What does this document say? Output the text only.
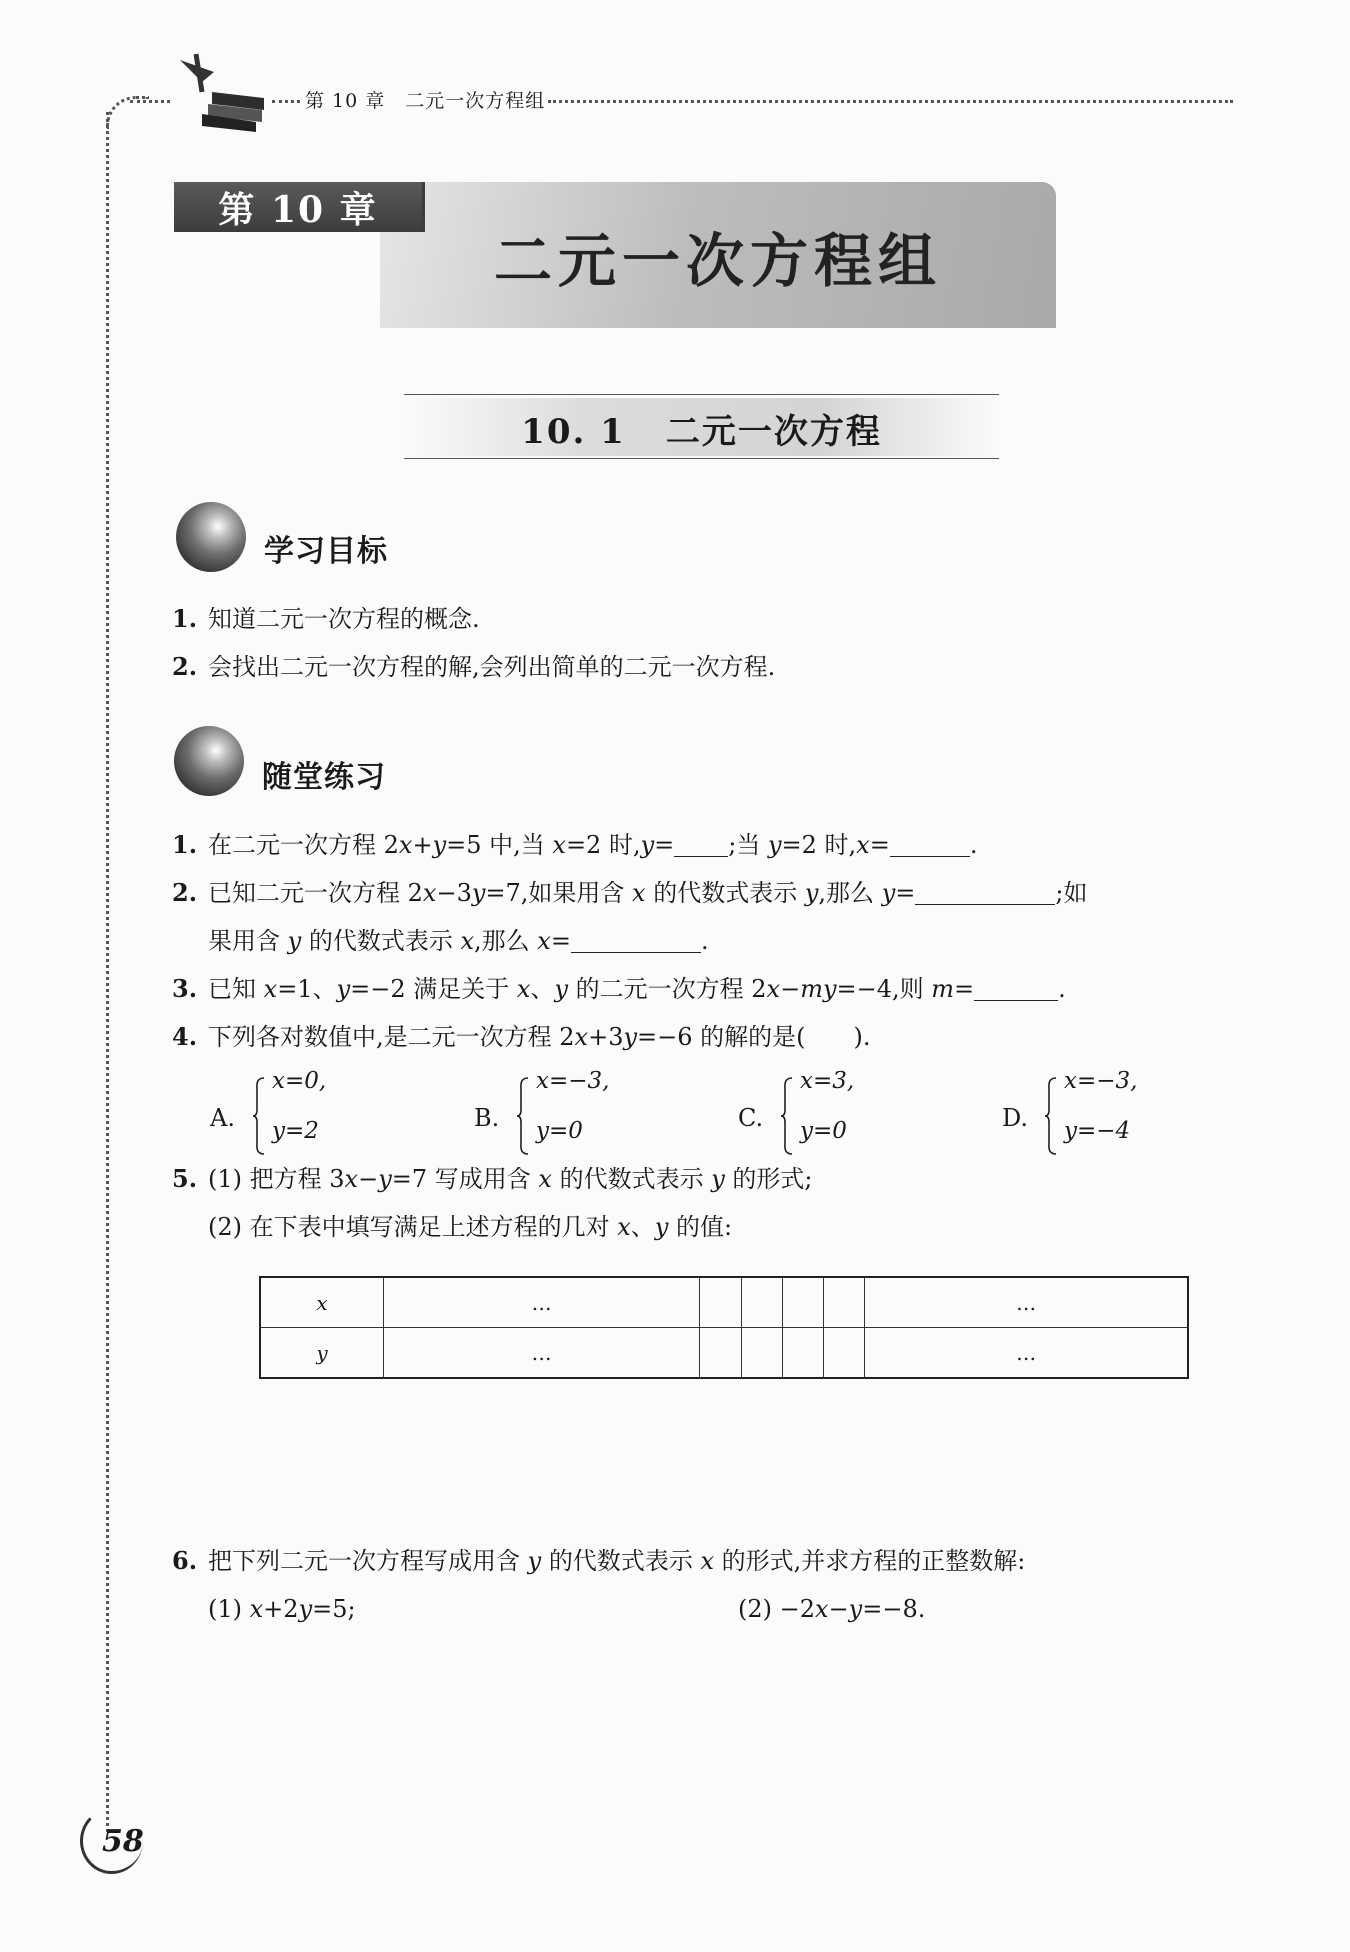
第 10 章　二元一次方程组
第 10 章
二元一次方程组
10. 1 二元一次方程
学习目标
1. 知道二元一次方程的概念.
2. 会找出二元一次方程的解,会列出简单的二元一次方程.
随堂练习
1. 在二元一次方程 2x+y=5 中,当 x=2 时,y= ;当 y=2 时,x=	.
2. 已知二元一次方程 2x−3y=7,如果用含 x 的代数式表示 y,那么 y=	;如
果用含 y 的代数式表示 x,那么 x=	.
3. 已知 x=1、y=−2 满足关于 x、y 的二元一次方程 2x−my=−4,则 m=	.
4. 下列各对数值中,是二元一次方程 2x+3y=−6 的解的是(　　).
A.
x=0,
y=2	B.
x=−3,
y=0	C.
x=3,
y=0	D.
x=−3,
y=−4
5. (1) 把方程 3x−y=7 写成用含 x 的代数式表示 y 的形式;
(2) 在下表中填写满足上述方程的几对 x、y 的值:
x	…					…
y	…					…
6. 把下列二元一次方程写成用含 y 的代数式表示 x 的形式,并求方程的正整数解:
(1) x+2y=5;	(2) −2x−y=−8.
58
